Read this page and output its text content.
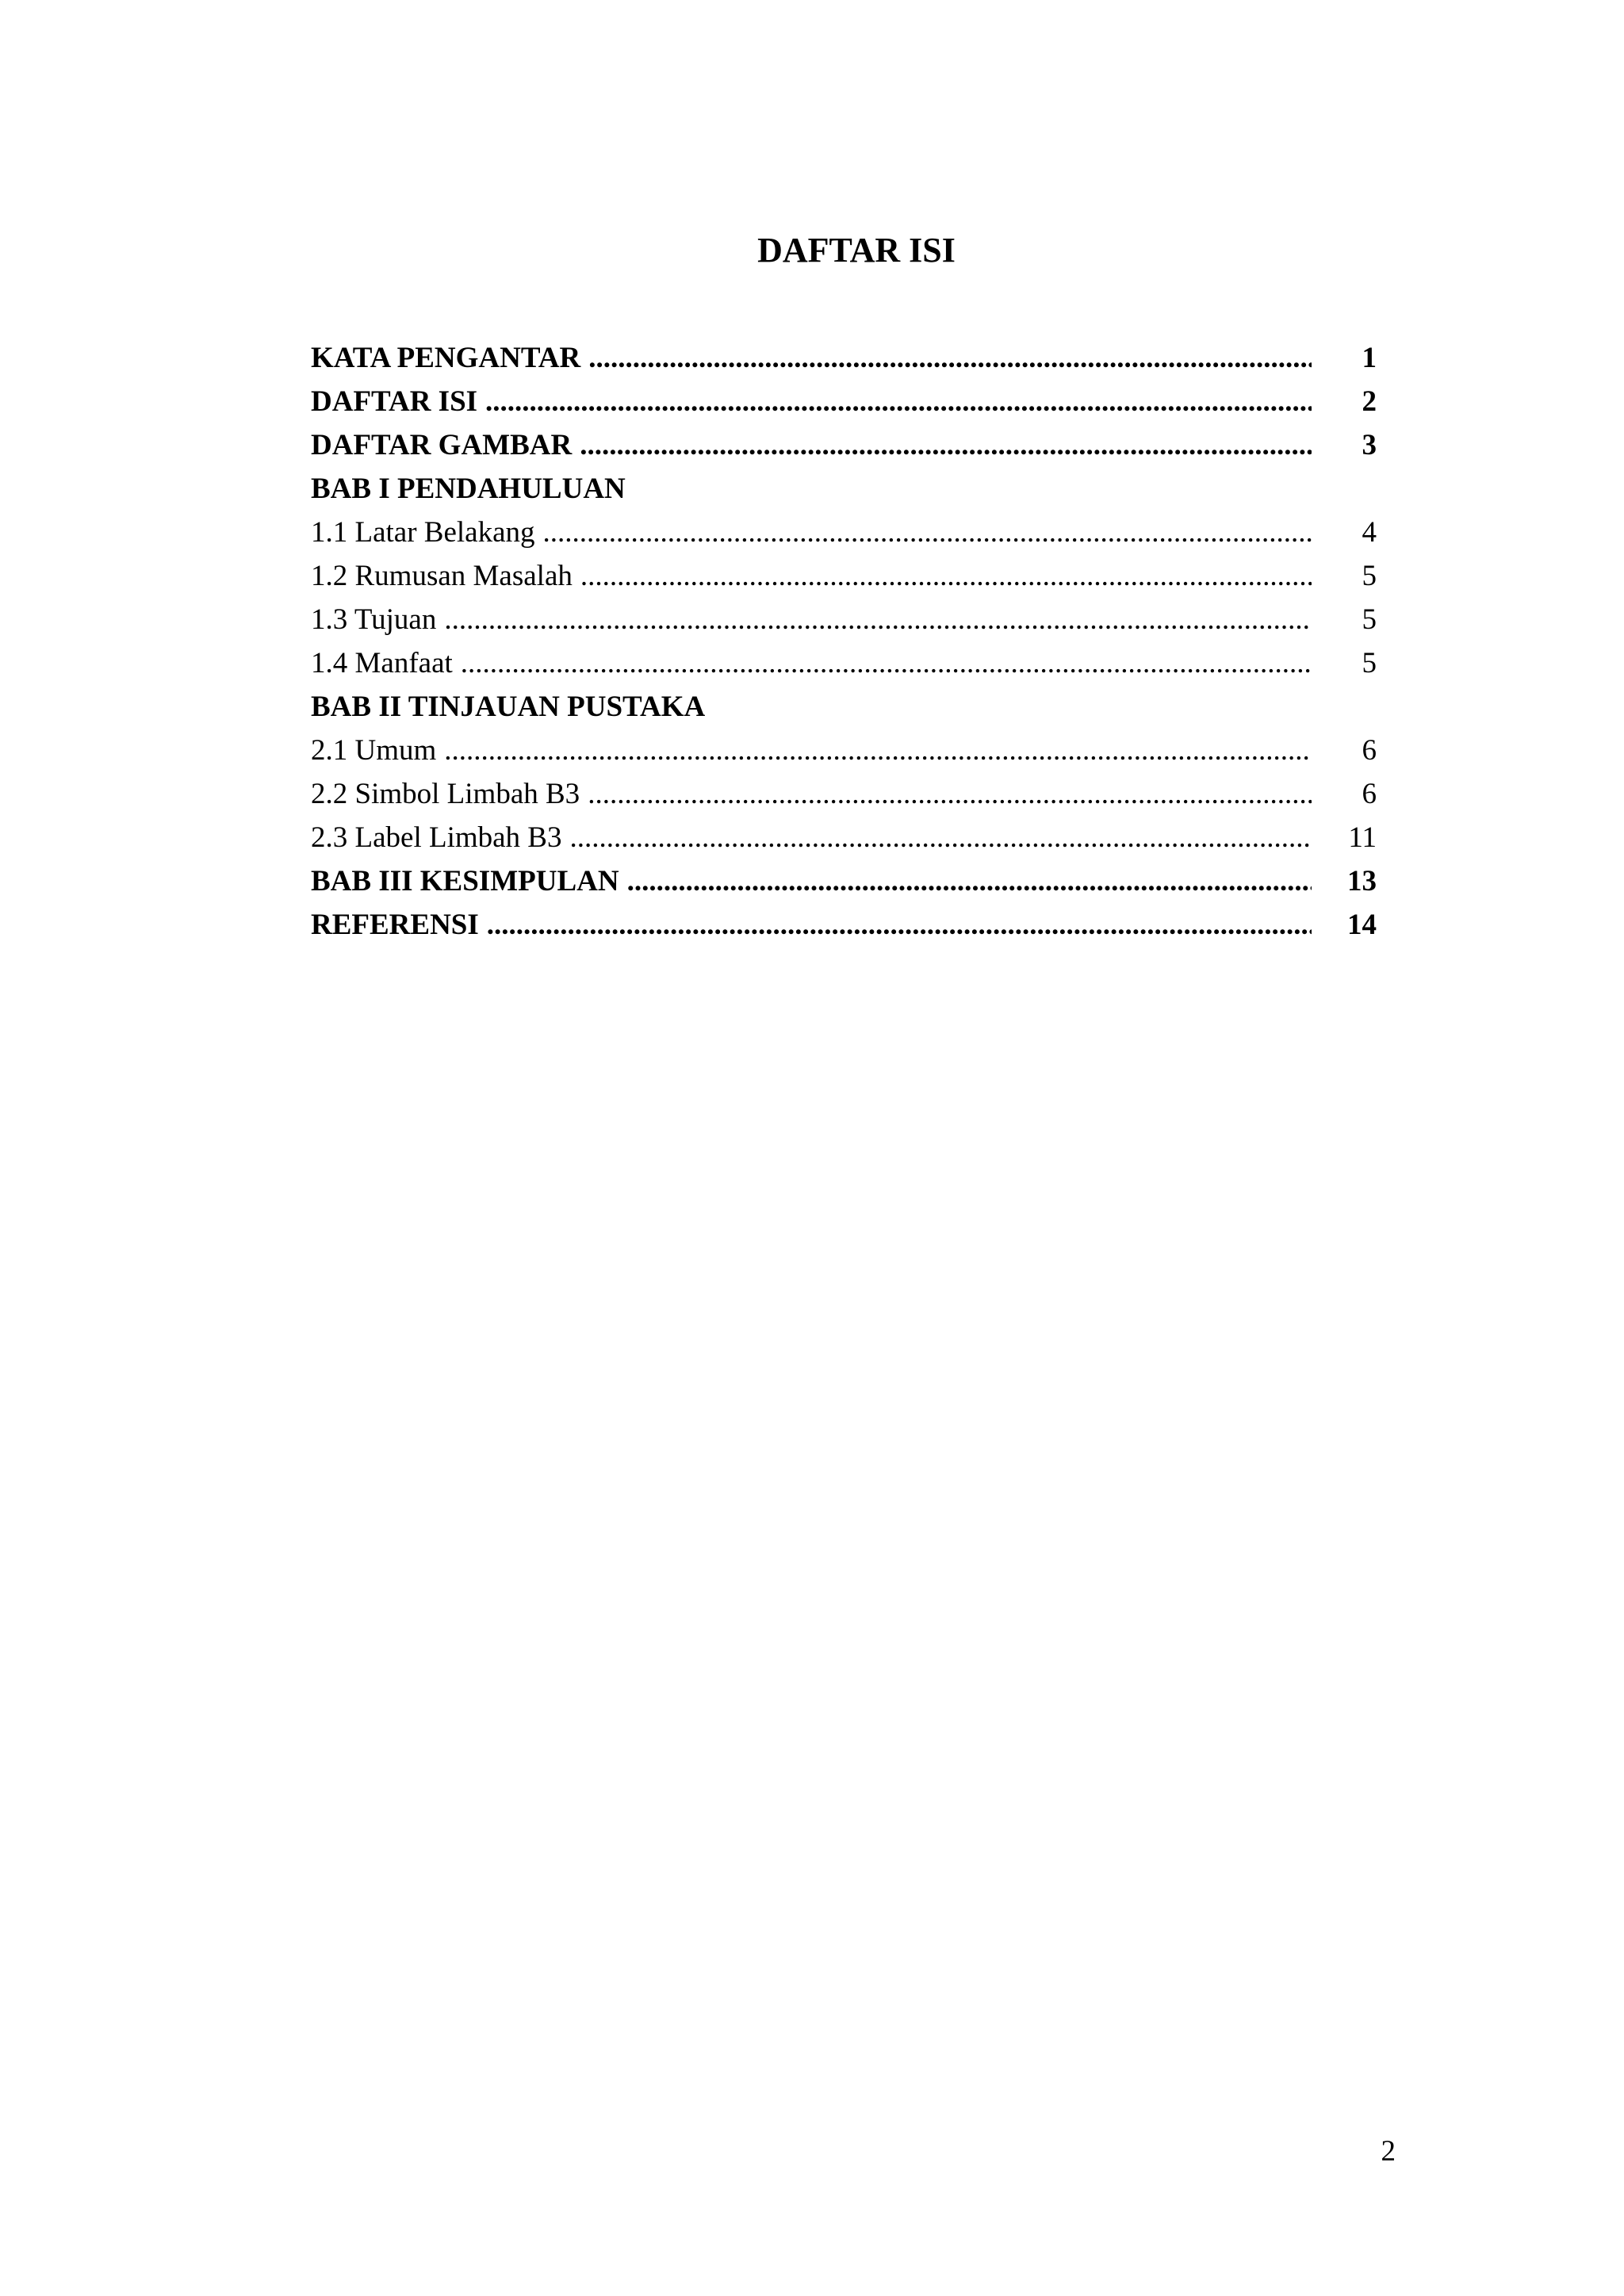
DAFTAR ISI
KATA PENGANTAR .....	1
DAFTAR ISI .....	2
DAFTAR GAMBAR .....	3
BAB I PENDAHULUAN
1.1 Latar Belakang .....	4
1.2 Rumusan Masalah .....	5
1.3 Tujuan .....	5
1.4 Manfaat .....	5
BAB II TINJAUAN PUSTAKA
2.1 Umum .....	6
2.2 Simbol Limbah B3 .....	6
2.3 Label Limbah B3 .....	11
BAB III KESIMPULAN .....	13
REFERENSI .....	14
2
